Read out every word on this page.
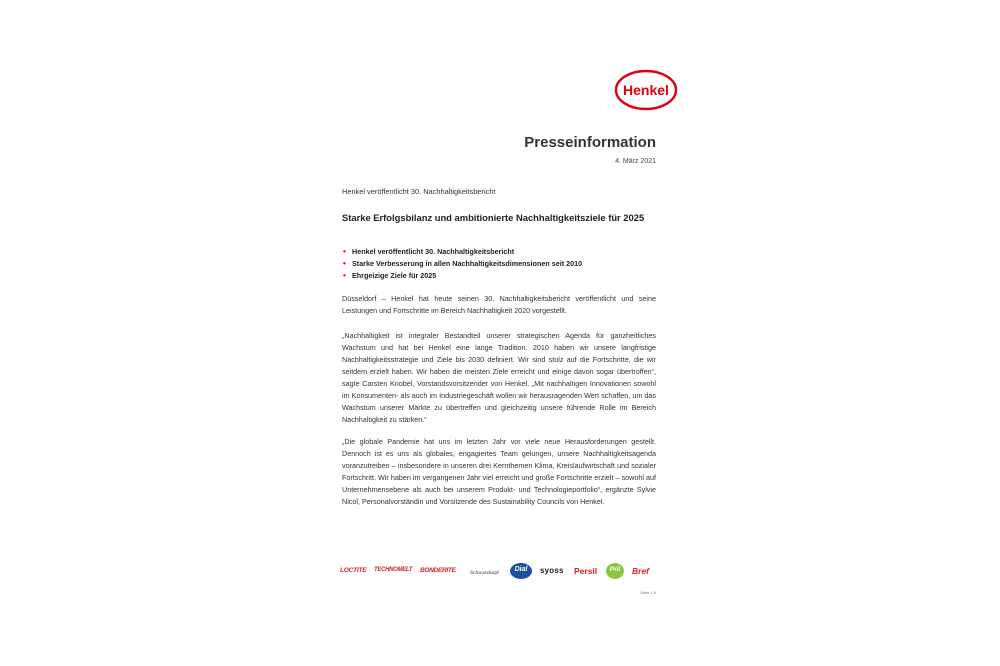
Henkel
Presseinformation
4. März 2021
Henkel veröffentlicht 30. Nachhaltigkeitsbericht
Starke Erfolgsbilanz und ambitionierte Nachhaltigkeitsziele für 2025
• Henkel veröffentlicht 30. Nachhaltigkeitsbericht
• Starke Verbesserung in allen Nachhaltigkeitsdimensionen seit 2010
• Ehrgeizige Ziele für 2025

Düsseldorf – Henkel hat heute seinen 30. Nachhaltigkeitsbericht veröffentlicht und seine Leistungen und Fortschritte im Bereich Nachhaltigkeit 2020 vorgestellt.

„Nachhaltigkeit ist integraler Bestandteil unserer strategischen Agenda für ganzheitliches Wachstum und hat bei Henkel eine lange Tradition. 2010 haben wir unsere langfristige Nachhaltigkeitsstrategie und Ziele bis 2030 definiert. Wir sind stolz auf die Fortschritte, die wir seitdem erzielt haben. Wir haben die meisten Ziele erreicht und einige davon sogar übertroffen“, sagte Carsten Knobel, Vorstandsvorsitzender von Henkel. „Mit nachhaltigen Innovationen sowohl im Konsumenten- als auch im Industriegeschäft wollen wir herausragenden Wert schaffen, um das Wachstum unserer Märkte zu übertreffen und gleichzeitig unsere führende Rolle im Bereich Nachhaltigkeit zu stärken.“

„Die globale Pandemie hat uns im letzten Jahr vor viele neue Herausforderungen gestellt. Dennoch ist es uns als globales, engagiertes Team gelungen, unsere Nachhaltigkeitsagenda voranzutreiben – insbesondere in unseren drei Kernthemen Klima, Kreislaufwirtschaft und sozialer Fortschritt. Wir haben im vergangenen Jahr viel erreicht und große Fortschritte erzielt – sowohl auf Unternehmensebene als auch bei unserem Produkt- und Technologieportfolio“, ergänzte Sylvie Nicol, Personalvorständin und Vorsitzende des Sustainability Councils von Henkel.

LOCTITE TECHNOMELT BONDERITE	Schwarzkopf	Dial	syoss Persil	Pril	Bref
Seite 1/4
